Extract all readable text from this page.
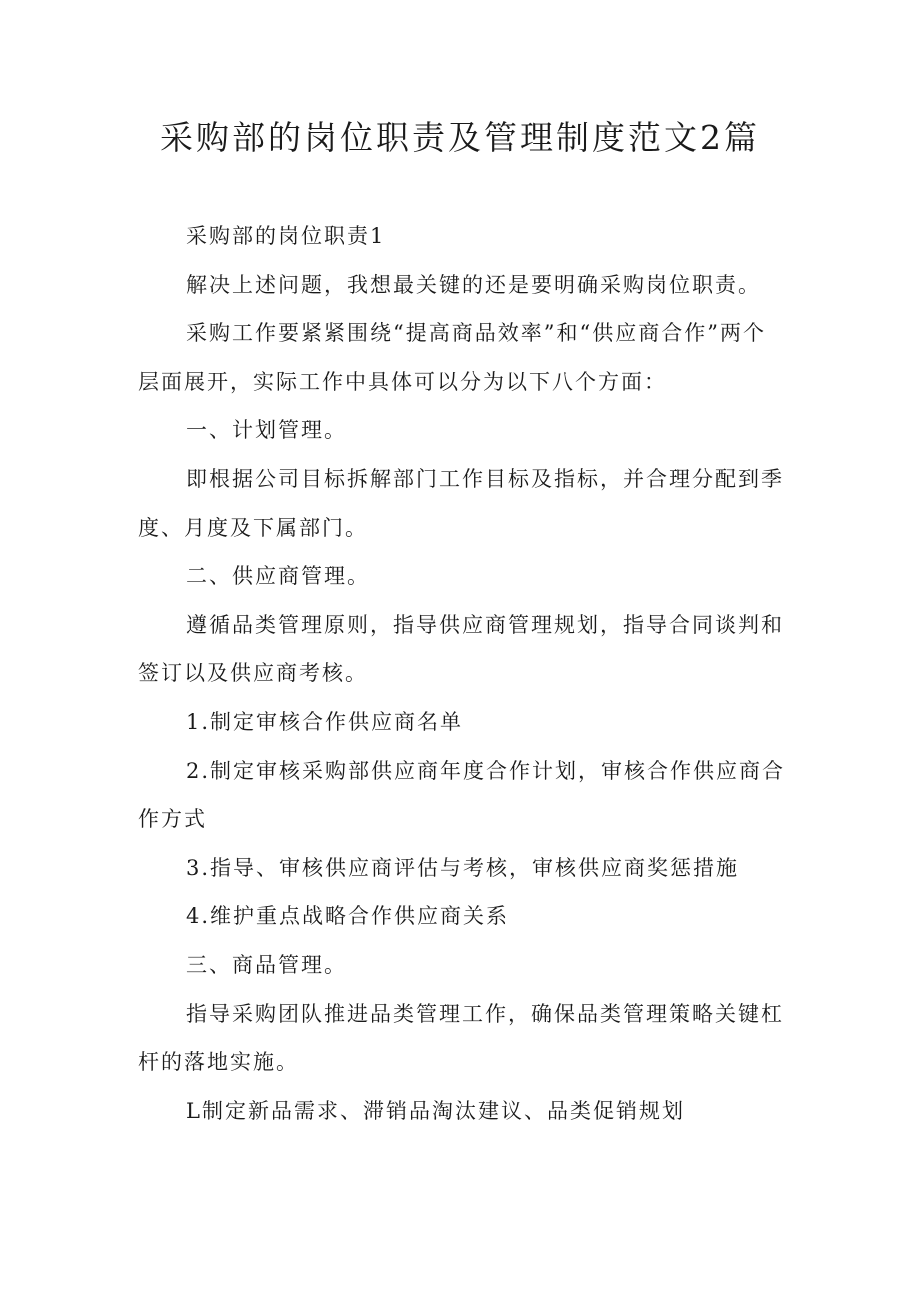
采购部的岗位职责及管理制度范文2篇

采购部的岗位职责1

解决上述问题，我想最关键的还是要明确采购岗位职责。

采购工作要紧紧围绕“提高商品效率”和“供应商合作”两个层面展开，实际工作中具体可以分为以下八个方面：

一、计划管理。

即根据公司目标拆解部门工作目标及指标，并合理分配到季度、月度及下属部门。

二、供应商管理。

遵循品类管理原则，指导供应商管理规划，指导合同谈判和签订以及供应商考核。

1.制定审核合作供应商名单

2.制定审核采购部供应商年度合作计划，审核合作供应商合作方式

3.指导、审核供应商评估与考核，审核供应商奖惩措施

4.维护重点战略合作供应商关系

三、商品管理。

指导采购团队推进品类管理工作，确保品类管理策略关键杠杆的落地实施。

L制定新品需求、滞销品淘汰建议、品类促销规划
